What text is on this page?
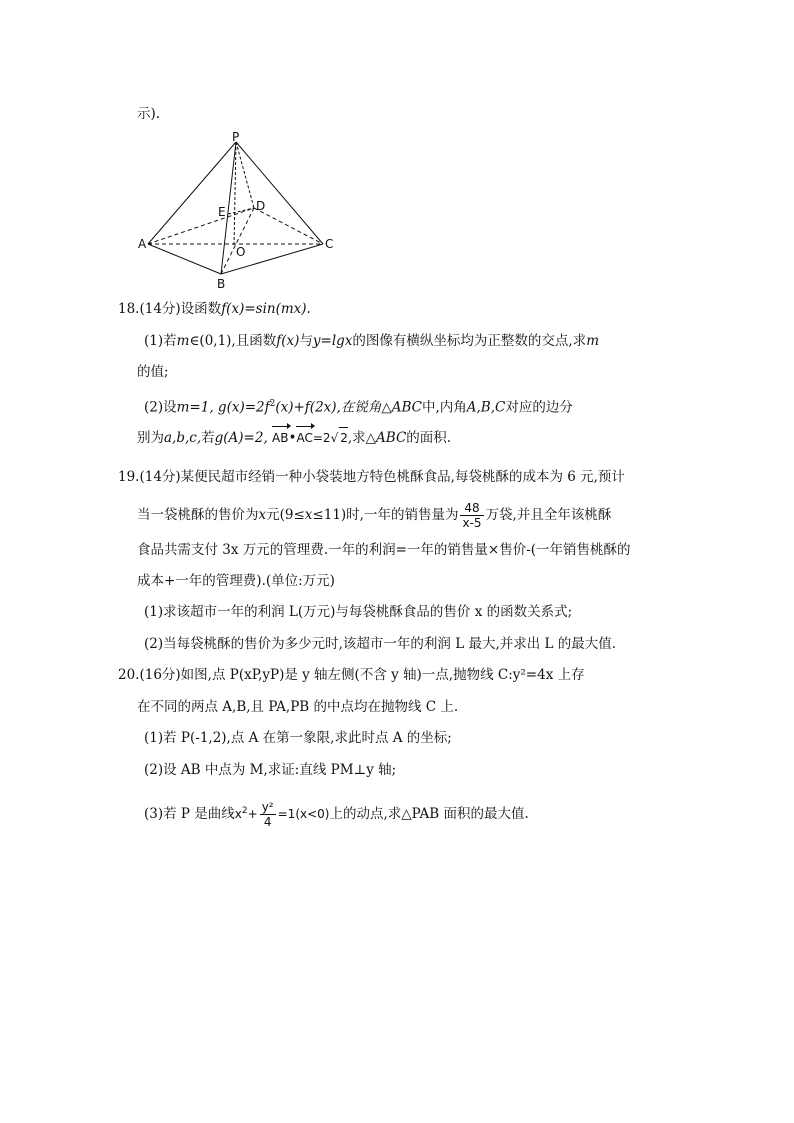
示).
P
A
B
C
D
E
O
18.(14分)设函数f(x)=sin(mx).
(1)若m∈(0,1),且函数f(x)与y=lgx的图像有横纵坐标均为正整数的交点,求m
的值;
(2)设m=1, $g(x)=2f^2(x)+f(2x)$,在锐角△ABC中,内角A,B,C对应的边分
别为a,b,c,若g(A)=2, AB•AC=2√ 2,求△ABC的面积.
19.(14分)某便民超市经销一种小袋装地方特色桃酥食品,每袋桃酥的成本为 6 元,预计
当一袋桃酥的售价为x元(9≤x≤11)时,一年的销售量为 $\frac{48}{x-5}$ 万袋,并且全年该桃酥
食品共需支付 3x 万元的管理费.一年的利润=一年的销售量×售价-(一年销售桃酥的
成本+一年的管理费).(单位:万元)
(1)求该超市一年的利润 L(万元)与每袋桃酥食品的售价 x 的函数关系式;
(2)当每袋桃酥的售价为多少元时,该超市一年的利润 L 最大,并求出 L 的最大值.
20.(16分)如图,点 P(xP,yP)是 y 轴左侧(不含 y 轴)一点,抛物线 C:y²=4x 上存
在不同的两点 A,B,且 PA,PB 的中点均在抛物线 C 上.
(1)若 P(-1,2),点 A 在第一象限,求此时点 A 的坐标;
(2)设 AB 中点为 M,求证:直线 PM⊥y 轴;
(3)若 P 是曲线$x^2+ \frac{\text{y²}}{4} =1(x<0)$上的动点,求△PAB 面积的最大值.
